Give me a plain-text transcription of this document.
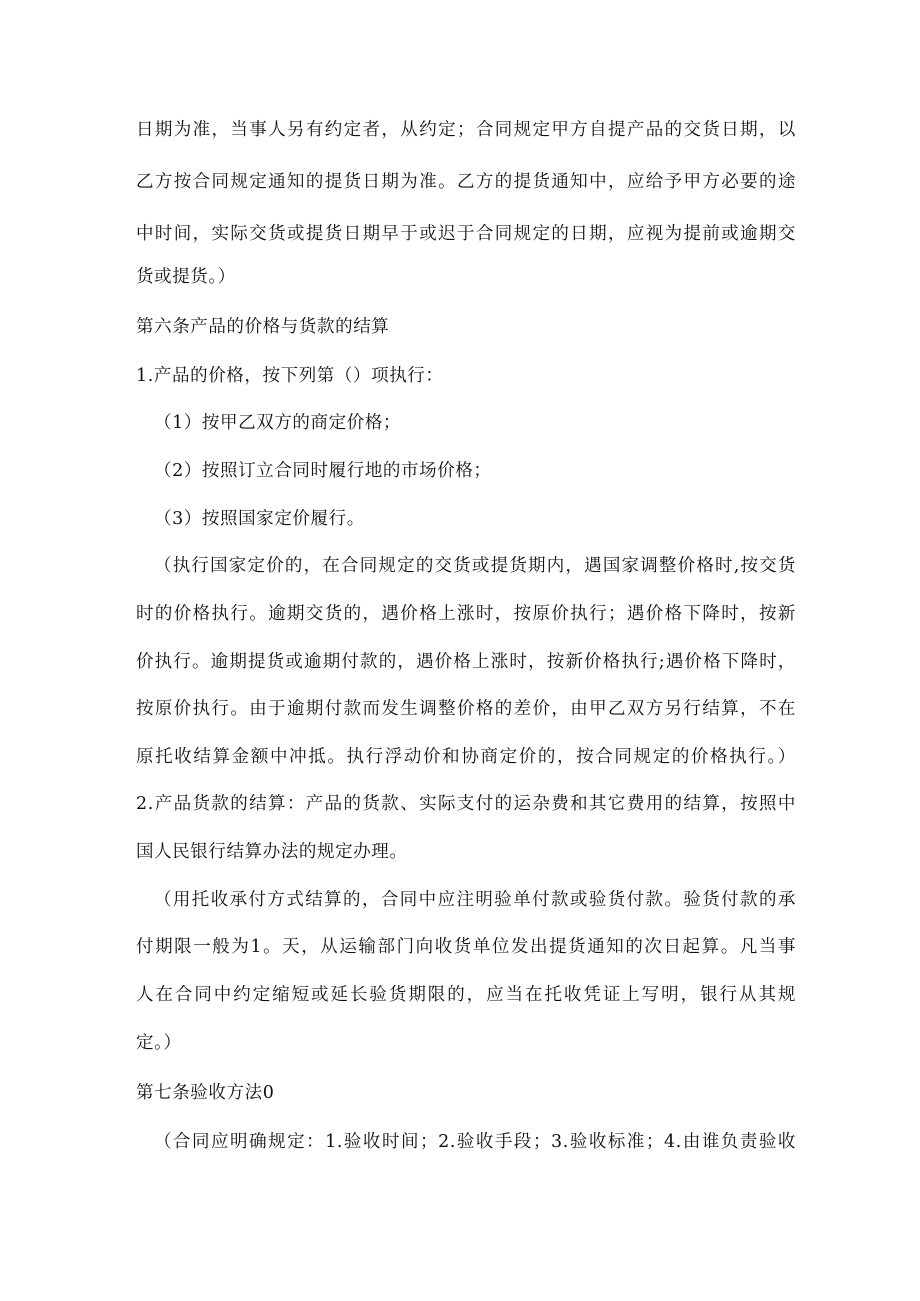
日期为准，当事人另有约定者，从约定；合同规定甲方自提产品的交货日期，以
乙方按合同规定通知的提货日期为准。乙方的提货通知中，应给予甲方必要的途
中时间，实际交货或提货日期早于或迟于合同规定的日期，应视为提前或逾期交
货或提货。）
第六条产品的价格与货款的结算
1.产品的价格，按下列第（）项执行：
（1）按甲乙双方的商定价格；
（2）按照订立合同时履行地的市场价格；
（3）按照国家定价履行。
（执行国家定价的，在合同规定的交货或提货期内，遇国家调整价格时,按交货
时的价格执行。逾期交货的，遇价格上涨时，按原价执行；遇价格下降时，按新
价执行。逾期提货或逾期付款的，遇价格上涨时，按新价格执行;遇价格下降时，
按原价执行。由于逾期付款而发生调整价格的差价，由甲乙双方另行结算，不在
原托收结算金额中冲抵。执行浮动价和协商定价的，按合同规定的价格执行。）
2.产品货款的结算：产品的货款、实际支付的运杂费和其它费用的结算，按照中
国人民银行结算办法的规定办理。
（用托收承付方式结算的，合同中应注明验单付款或验货付款。验货付款的承
付期限一般为1。天，从运输部门向收货单位发出提货通知的次日起算。凡当事
人在合同中约定缩短或延长验货期限的，应当在托收凭证上写明，银行从其规
定。）
第七条验收方法0
（合同应明确规定：1.验收时间；2.验收手段；3.验收标准；4.由谁负责验收
